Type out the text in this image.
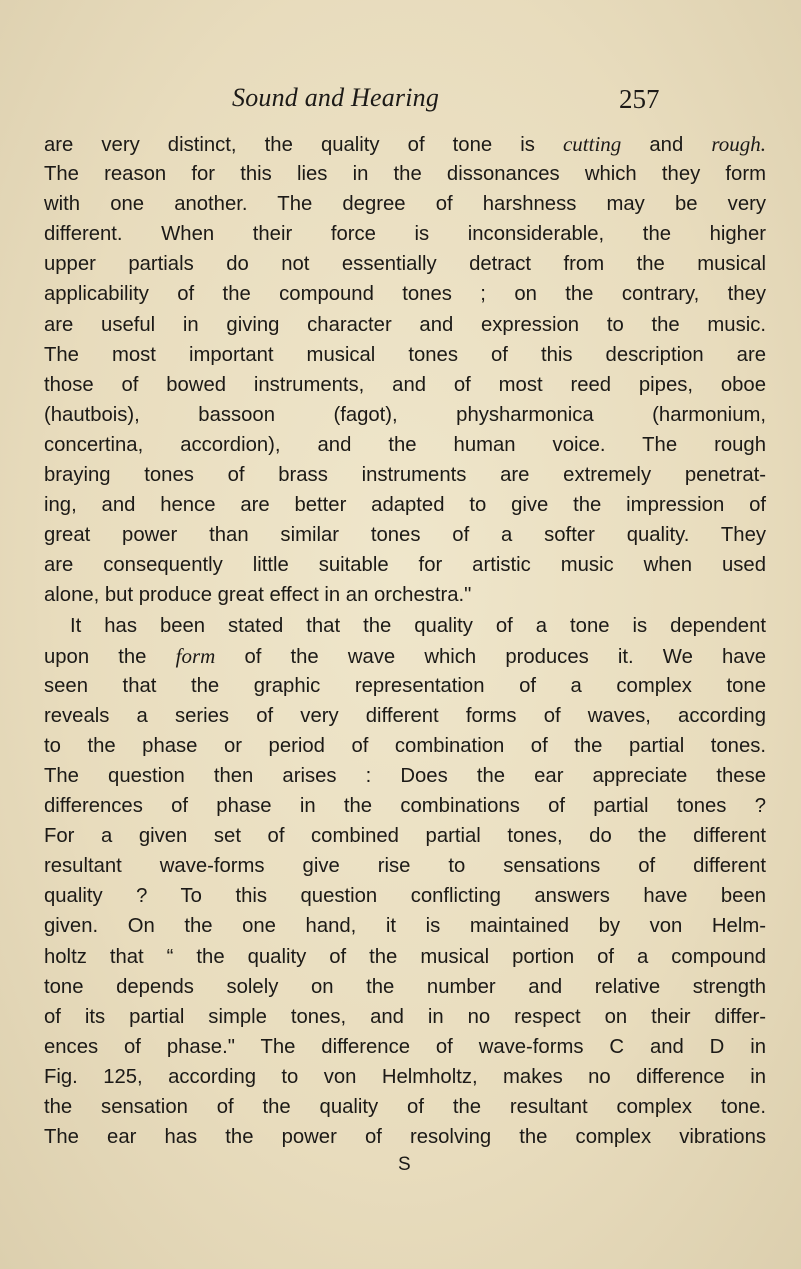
Sound and Hearing	257
are very distinct, the quality of tone is cutting and rough.
The reason for this lies in the dissonances which they form
with one another. The degree of harshness may be very
different. When their force is inconsiderable, the higher
upper partials do not essentially detract from the musical
applicability of the compound tones ; on the contrary, they
are useful in giving character and expression to the music.
The most important musical tones of this description are
those of bowed instruments, and of most reed pipes, oboe
(hautbois), bassoon (fagot), physharmonica (harmonium,
concertina, accordion), and the human voice. The rough
braying tones of brass instruments are extremely penetrat-
ing, and hence are better adapted to give the impression of
great power than similar tones of a softer quality. They
are consequently little suitable for artistic music when used
alone, but produce great effect in an orchestra."
It has been stated that the quality of a tone is dependent
upon the form of the wave which produces it. We have
seen that the graphic representation of a complex tone
reveals a series of very different forms of waves, according
to the phase or period of combination of the partial tones.
The question then arises : Does the ear appreciate these
differences of phase in the combinations of partial tones ?
For a given set of combined partial tones, do the different
resultant wave-forms give rise to sensations of different
quality ? To this question conflicting answers have been
given. On the one hand, it is maintained by von Helm-
holtz that “ the quality of the musical portion of a compound
tone depends solely on the number and relative strength
of its partial simple tones, and in no respect on their differ-
ences of phase." The difference of wave-forms C and D in
Fig. 125, according to von Helmholtz, makes no difference in
the sensation of the quality of the resultant complex tone.
The ear has the power of resolving the complex vibrations
S
